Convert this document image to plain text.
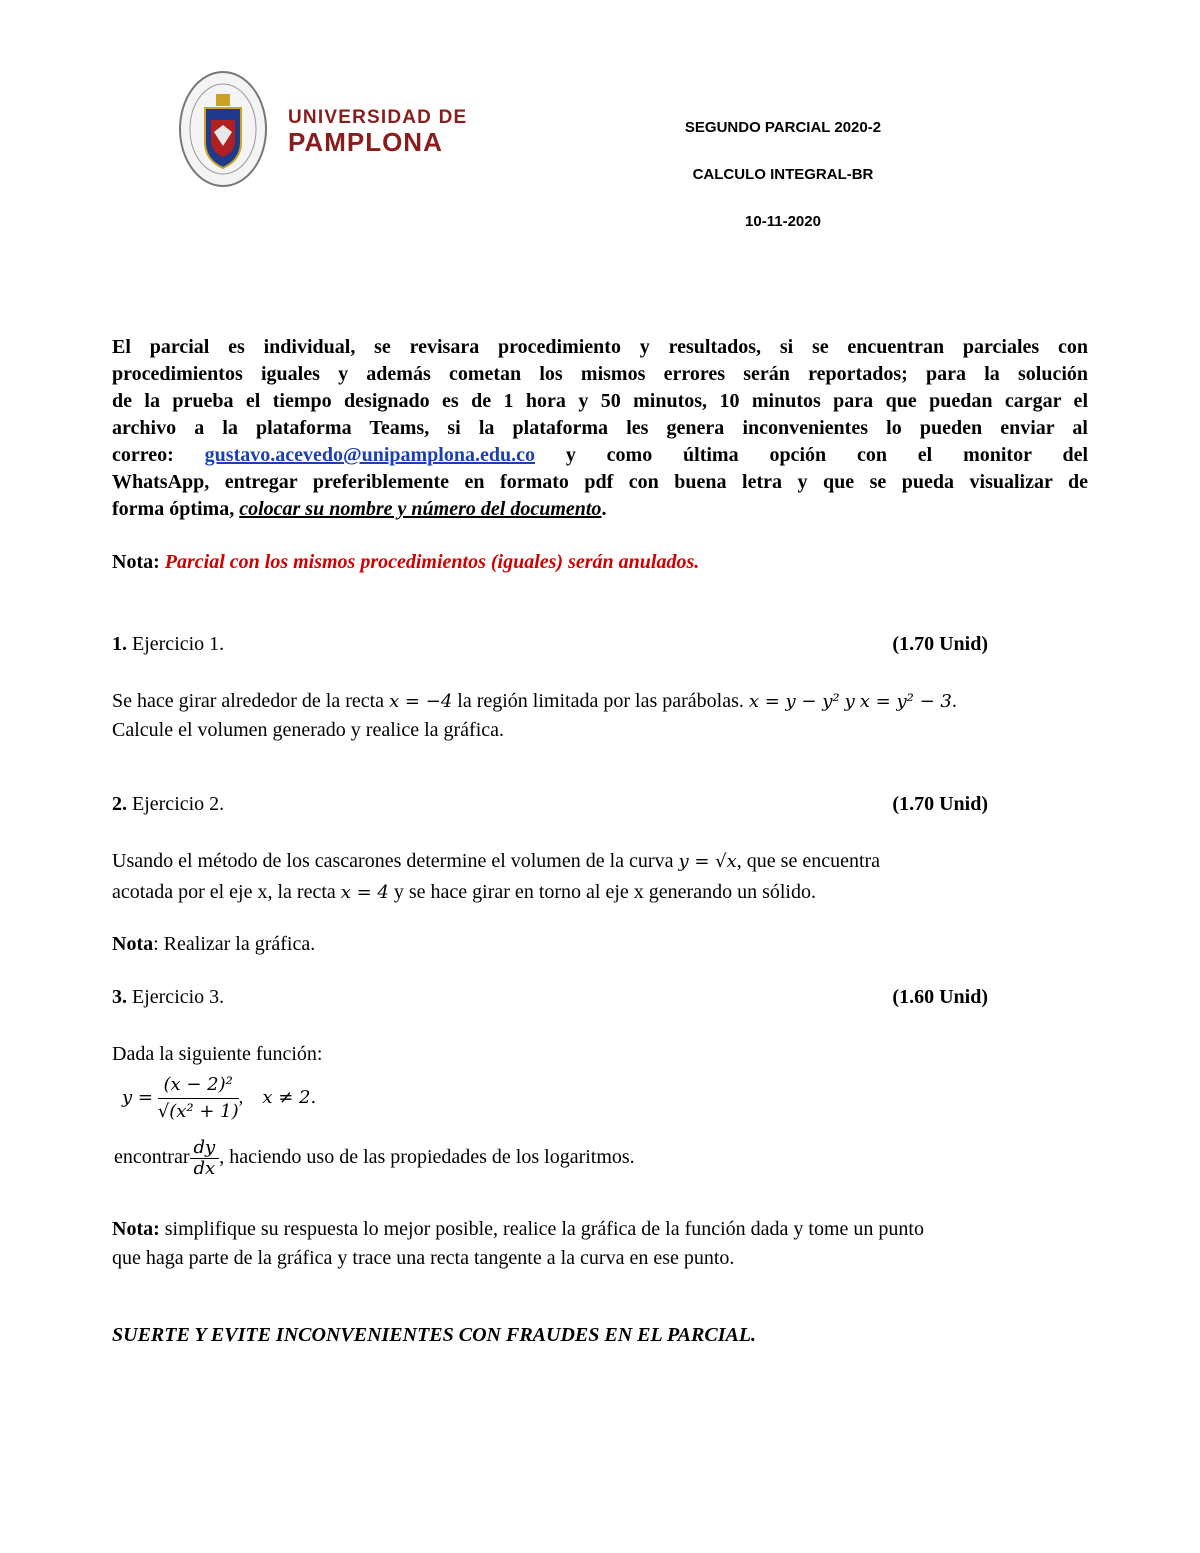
UNIVERSIDAD DE
PAMPLONA	SEGUNDO PARCIAL 2020-2
CALCULO INTEGRAL-BR
10-11-2020
El parcial es individual, se revisara procedimiento y resultados, si se encuentran parciales con
procedimientos iguales y además cometan los mismos errores serán reportados; para la solución
de la prueba el tiempo designado es de 1 hora y 50 minutos, 10 minutos para que puedan cargar el
archivo a la plataforma Teams, si la plataforma les genera inconvenientes lo pueden enviar al
correo: gustavo.acevedo@unipamplona.edu.co y como última opción con el monitor del
WhatsApp, entregar preferiblemente en formato pdf con buena letra y que se pueda visualizar de
forma óptima, colocar su nombre y número del documento.
Nota: Parcial con los mismos procedimientos (iguales) serán anulados.
1. Ejercicio 1.	(1.70 Unid)
Se hace girar alrededor de la recta x = −4 la región limitada por las parábolas. x = y − y² y x = y² − 3.
Calcule el volumen generado y realice la gráfica.
2. Ejercicio 2.	(1.70 Unid)
Usando el método de los cascarones determine el volumen de la curva y = √x, que se encuentra
acotada por el eje x, la recta x = 4 y se hace girar en torno al eje x generando un sólido.
Nota: Realizar la gráfica.
3. Ejercicio 3.	(1.60 Unid)
Dada la siguiente función:
$y = \frac{\text{(x − 2)²}}{\text{√(x² + 1)}}$ ,    x ≠ 2.
encontrar $\frac{dy}{dx}$ , haciendo uso de las propiedades de los logaritmos.
Nota: simplifique su respuesta lo mejor posible, realice la gráfica de la función dada y tome un punto
que haga parte de la gráfica y trace una recta tangente a la curva en ese punto.
SUERTE Y EVITE INCONVENIENTES CON FRAUDES EN EL PARCIAL.
